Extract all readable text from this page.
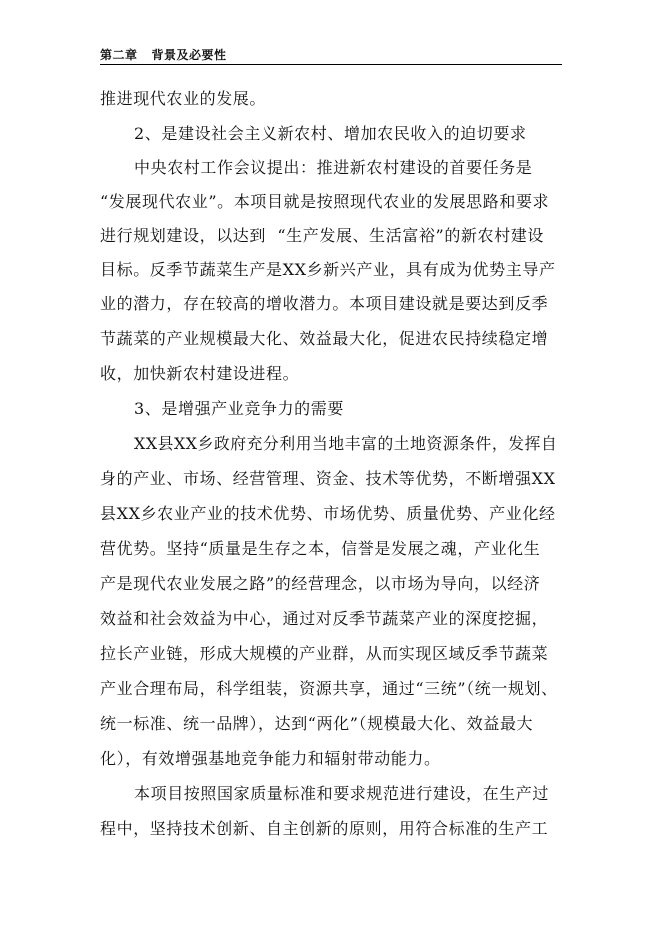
第二章   背景及必要性
推进现代农业的发展。
2、是建设社会主义新农村、增加农民收入的迫切要求
中央农村工作会议提出：推进新农村建设的首要任务是
“发展现代农业”。本项目就是按照现代农业的发展思路和要求
进行规划建设，以达到  “生产发展、生活富裕”的新农村建设
目标。反季节蔬菜生产是XX乡新兴产业，具有成为优势主导产
业的潜力，存在较高的增收潜力。本项目建设就是要达到反季
节蔬菜的产业规模最大化、效益最大化，促进农民持续稳定增
收，加快新农村建设进程。
3、是增强产业竞争力的需要
XX县XX乡政府充分利用当地丰富的土地资源条件，发挥自
身的产业、市场、经营管理、资金、技术等优势，不断增强XX
县XX乡农业产业的技术优势、市场优势、质量优势、产业化经
营优势。坚持“质量是生存之本，信誉是发展之魂，产业化生
产是现代农业发展之路”的经营理念，以市场为导向，以经济
效益和社会效益为中心，通过对反季节蔬菜产业的深度挖掘，
拉长产业链，形成大规模的产业群，从而实现区域反季节蔬菜
产业合理布局，科学组装，资源共享，通过“三统”（统一规划、
统一标准、统一品牌），达到“两化”（规模最大化、效益最大
化），有效增强基地竞争能力和辐射带动能力。
本项目按照国家质量标准和要求规范进行建设，在生产过
程中，坚持技术创新、自主创新的原则，用符合标准的生产工
